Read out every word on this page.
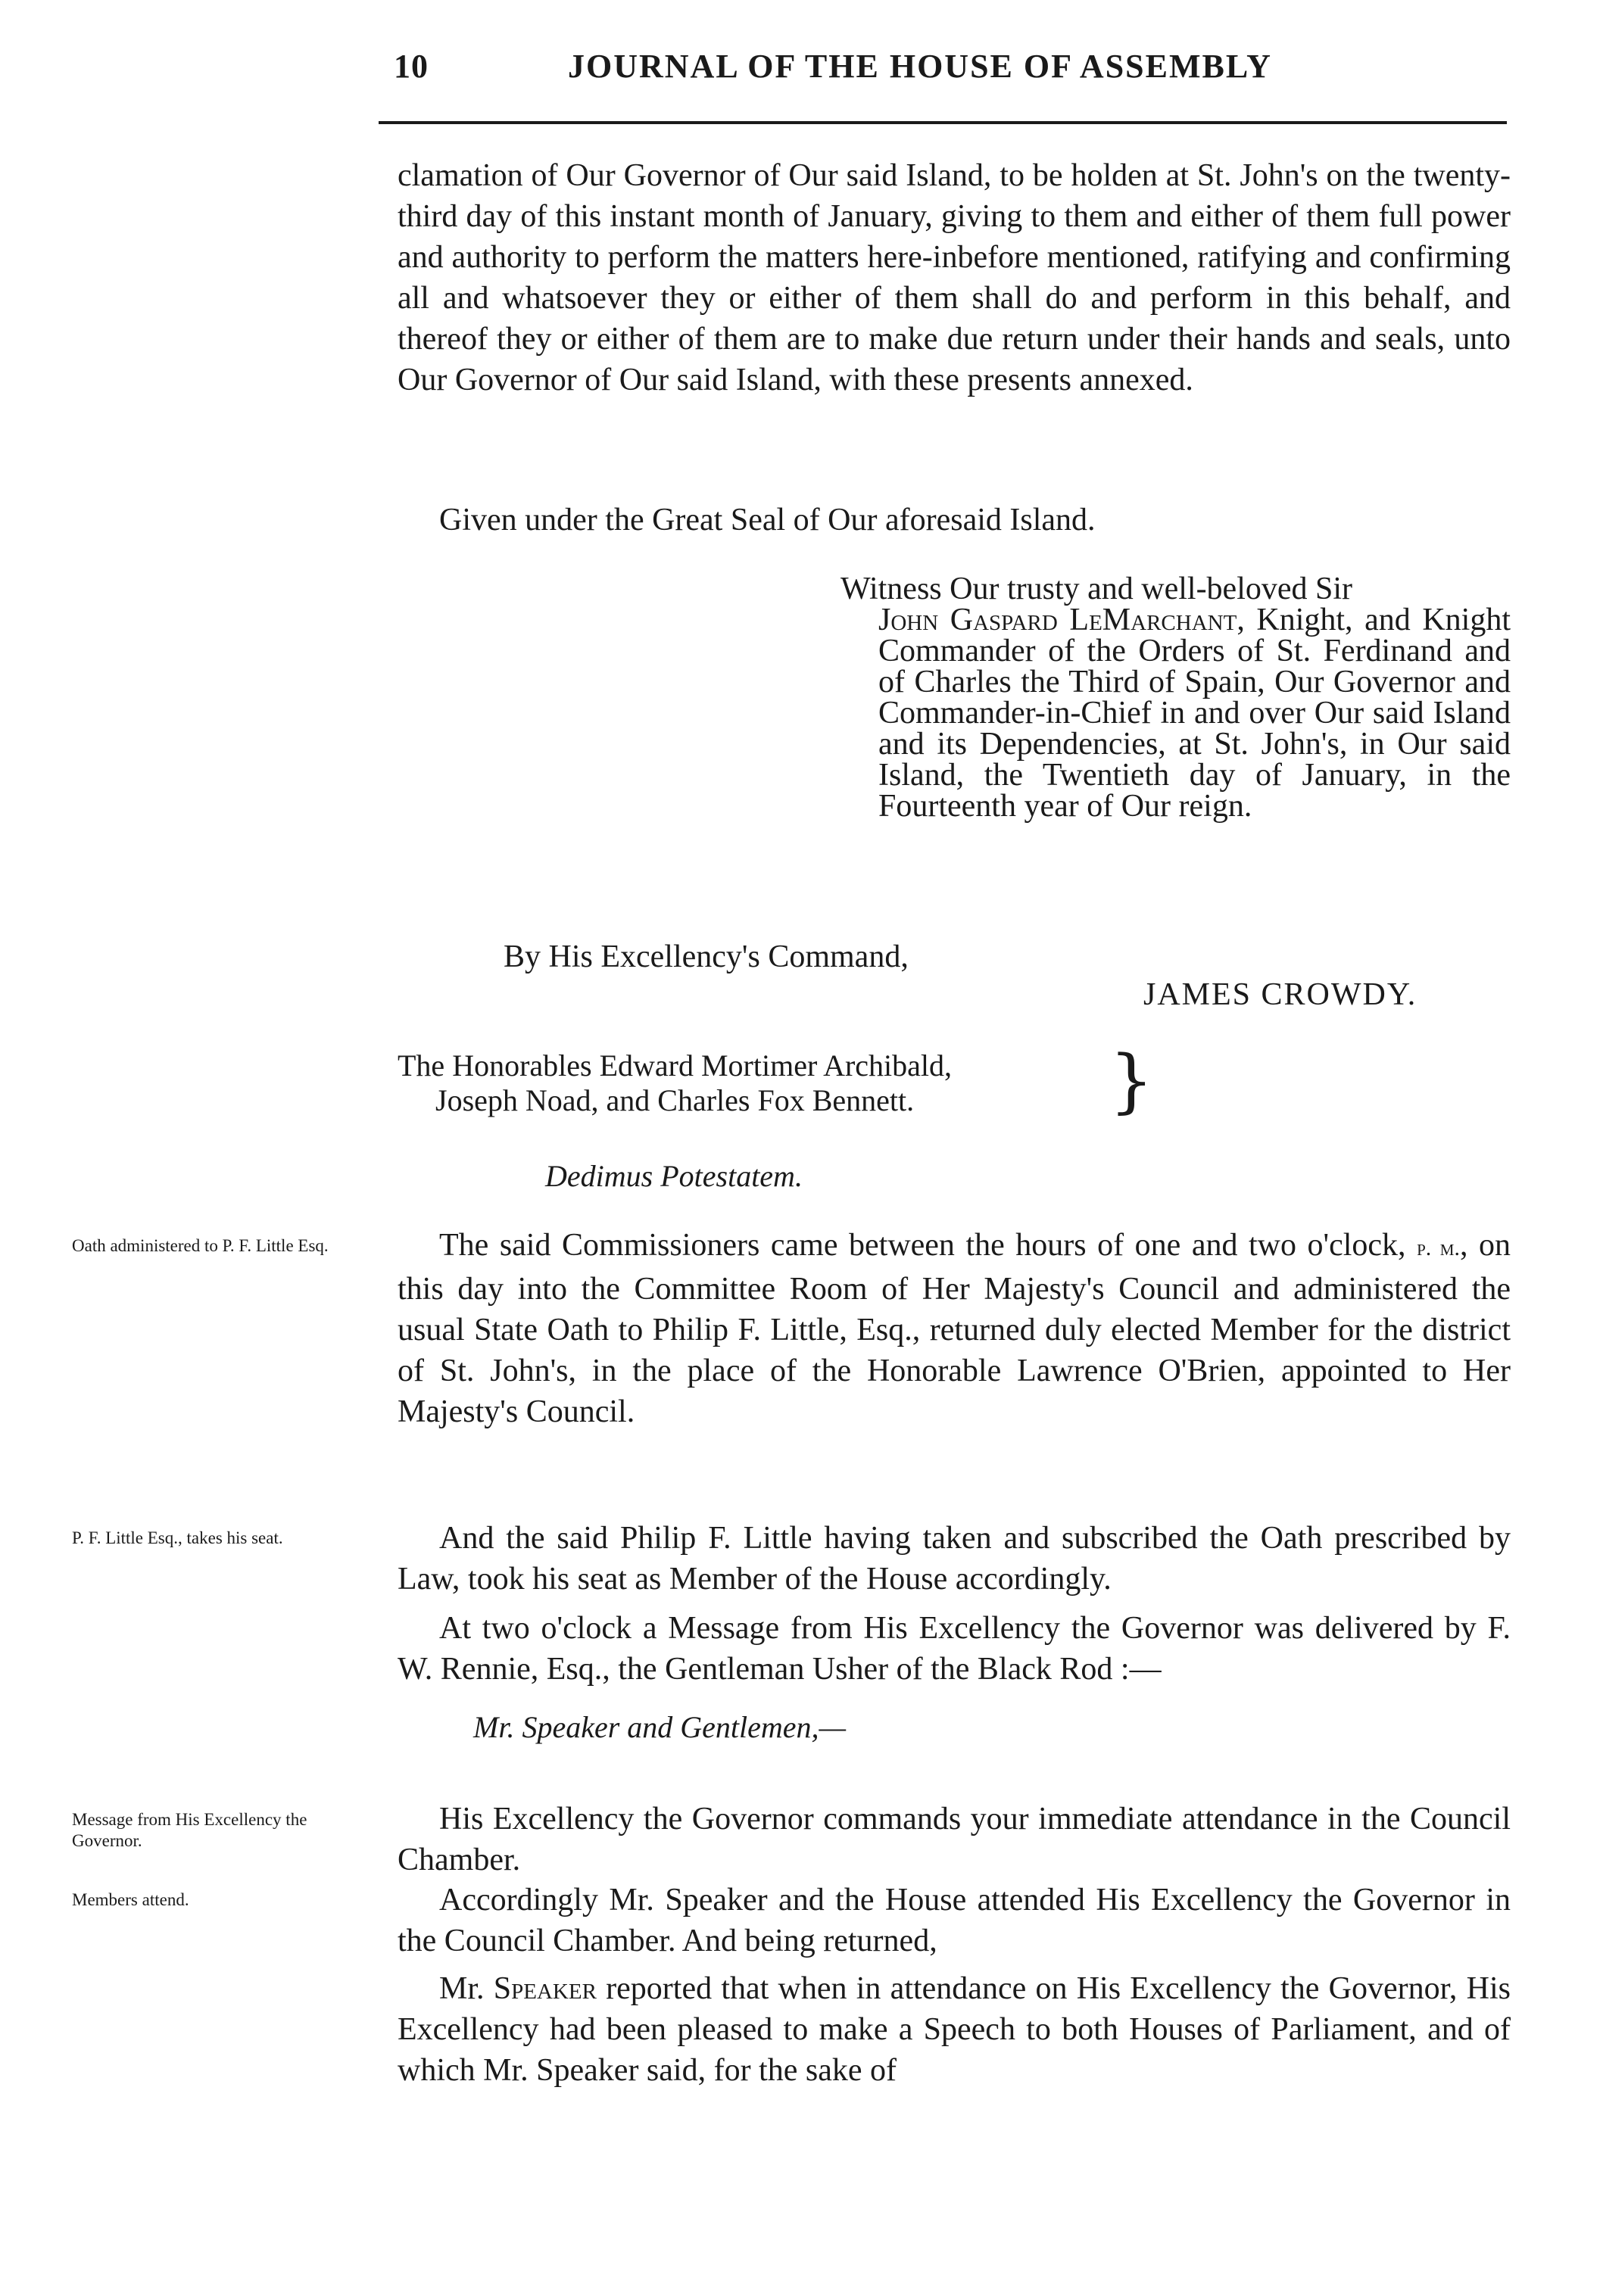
10	JOURNAL OF THE HOUSE OF ASSEMBLY

clamation of Our Governor of Our said Island, to be holden at St. John's on the twenty-third day of this instant month of January, giving to them and either of them full power and authority to perform the matters here-inbefore mentioned, ratifying and confirming all and whatsoever they or either of them shall do and perform in this behalf, and thereof they or either of them are to make due return under their hands and seals, unto Our Governor of Our said Island, with these presents annexed.

Given under the Great Seal of Our aforesaid Island.

Witness Our trusty and well-beloved Sir
John Gaspard LeMarchant, Knight, and Knight Commander of the Orders of St. Ferdinand and of Charles the Third of Spain, Our Governor and Commander-in-Chief in and over Our said Island and its Dependencies, at St. John's, in Our said Island, the Twentieth day of January, in the Fourteenth year of Our reign.
By His Excellency's Command,
JAMES CROWDY.
The Honorables Edward Mortimer Archibald,
Joseph Noad, and Charles Fox Bennett.	}
Dedimus Potestatem.
Oath administered to P. F. Little Esq.	The said Commissioners came between the hours of one and two o'clock, p. m., on this day into the Committee Room of Her Majesty's Council and administered the usual State Oath to Philip F. Little, Esq., returned duly elected Member for the district of St. John's, in the place of the Honorable Lawrence O'Brien, appointed to Her Majesty's Council.

P. F. Little Esq., takes his seat.	And the said Philip F. Little having taken and subscribed the Oath prescribed by Law, took his seat as Member of the House accordingly.

At two o'clock a Message from His Excellency the Governor was delivered by F. W. Rennie, Esq., the Gentleman Usher of the Black Rod :—

Mr. Speaker and Gentlemen,—
Message from His Excellency the Governor.

His Excellency the Governor commands your immediate attendance in the Council Chamber.

Members attend.	Accordingly Mr. Speaker and the House attended His Excellency the Governor in the Council Chamber. And being returned,

Mr. Speaker reported that when in attendance on His Excellency the Governor, His Excellency had been pleased to make a Speech to both Houses of Parliament, and of which Mr. Speaker said, for the sake of
